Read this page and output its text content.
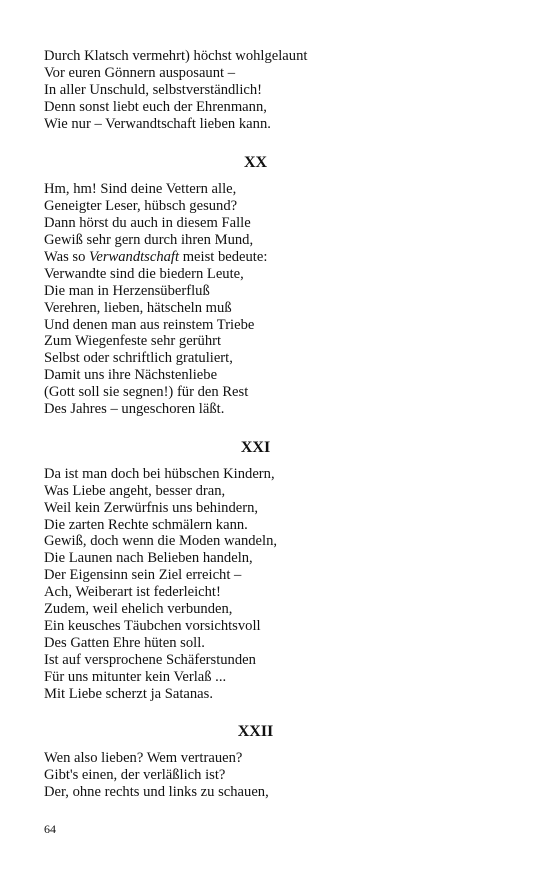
Durch Klatsch vermehrt) höchst wohlgelaunt
Vor euren Gönnern ausposaunt –
In aller Unschuld, selbstverständlich!
Denn sonst liebt euch der Ehrenmann,
Wie nur – Verwandtschaft lieben kann.
XX
Hm, hm! Sind deine Vettern alle,
Geneigter Leser, hübsch gesund?
Dann hörst du auch in diesem Falle
Gewiß sehr gern durch ihren Mund,
Was so Verwandtschaft meist bedeute:
Verwandte sind die biedern Leute,
Die man in Herzensüberfluß
Verehren, lieben, hätscheln muß
Und denen man aus reinstem Triebe
Zum Wiegenfeste sehr gerührt
Selbst oder schriftlich gratuliert,
Damit uns ihre Nächstenliebe
(Gott soll sie segnen!) für den Rest
Des Jahres – ungeschoren läßt.
XXI
Da ist man doch bei hübschen Kindern,
Was Liebe angeht, besser dran,
Weil kein Zerwürfnis uns behindern,
Die zarten Rechte schmälern kann.
Gewiß, doch wenn die Moden wandeln,
Die Launen nach Belieben handeln,
Der Eigensinn sein Ziel erreicht –
Ach, Weiberart ist federleicht!
Zudem, weil ehelich verbunden,
Ein keusches Täubchen vorsichtsvoll
Des Gatten Ehre hüten soll.
Ist auf versprochene Schäferstunden
Für uns mitunter kein Verlaß ...
Mit Liebe scherzt ja Satanas.
XXII
Wen also lieben? Wem vertrauen?
Gibt's einen, der verläßlich ist?
Der, ohne rechts und links zu schauen,
64
